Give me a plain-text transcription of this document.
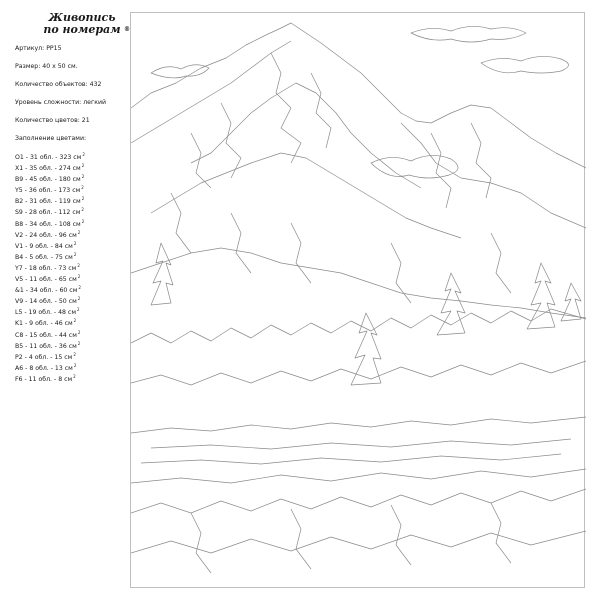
Живопись
по номерам ®
Артикул: PP15
Размер: 40 x 50 см.
Количество объектов: 432
Уровень сложности: легкий
Количество цветов: 21
Заполнение цветами:
O1 - 31 обл. - 323 $см^2$
X1 - 35 обл. - 274 $см^2$
B9 - 45 обл. - 180 $см^2$
Y5 - 36 обл. - 173 $см^2$
B2 - 31 обл. - 119 $см^2$
S9 - 28 обл. - 112 $см^2$
B8 - 34 обл. - 108 $см^2$
V2 - 24 обл. - 96 $см^2$
V1 - 9 обл. - 84 $см^2$
B4 - 5 обл. - 75 $см^2$
Y7 - 18 обл. - 73 $см^2$
V5 - 11 обл. - 65 $см^2$
&1 - 34 обл. - 60 $см^2$
V9 - 14 обл. - 50 $см^2$
L5 - 19 обл. - 48 $см^2$
K1 - 9 обл. - 46 $см^2$
C8 - 15 обл. - 44 $см^2$
B5 - 11 обл. - 36 $см^2$
P2 - 4 обл. - 15 $см^2$
A6 - 8 обл. - 13 $см^2$
F6 - 11 обл. - 8 $см^2$
